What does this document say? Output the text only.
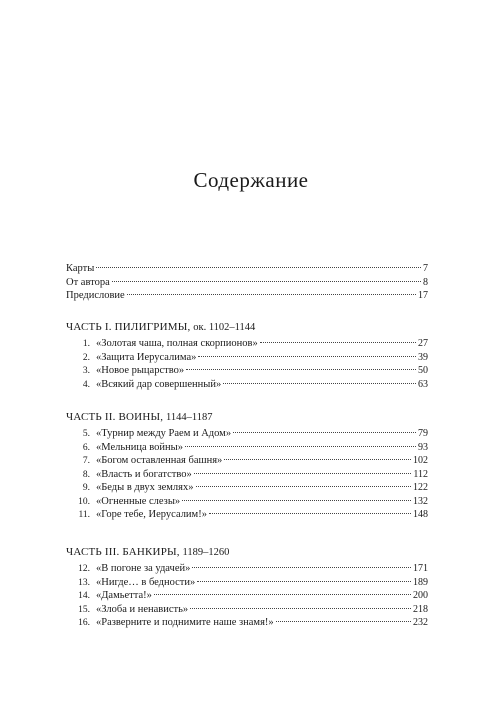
Содержание
Карты	7
От автора	8
Предисловие	17
ЧАСТЬ I. ПИЛИГРИМЫ, ок. 1102–1144
1. «Золотая чаша, полная скорпионов»	27
2. «Защита Иерусалима»	39
3. «Новое рыцарство»	50
4. «Всякий дар совершенный»	63
ЧАСТЬ II. ВОИНЫ, 1144–1187
5. «Турнир между Раем и Адом»	79
6. «Мельница войны»	93
7. «Богом оставленная башня»	102
8. «Власть и богатство»	112
9. «Беды в двух землях»	122
10. «Огненные слезы»	132
11. «Горе тебе, Иерусалим!»	148
ЧАСТЬ III. БАНКИРЫ, 1189–1260
12. «В погоне за удачей»	171
13. «Нигде… в бедности»	189
14. «Дамьетта!»	200
15. «Злоба и ненависть»	218
16. «Разверните и поднимите наше знамя!»	232
